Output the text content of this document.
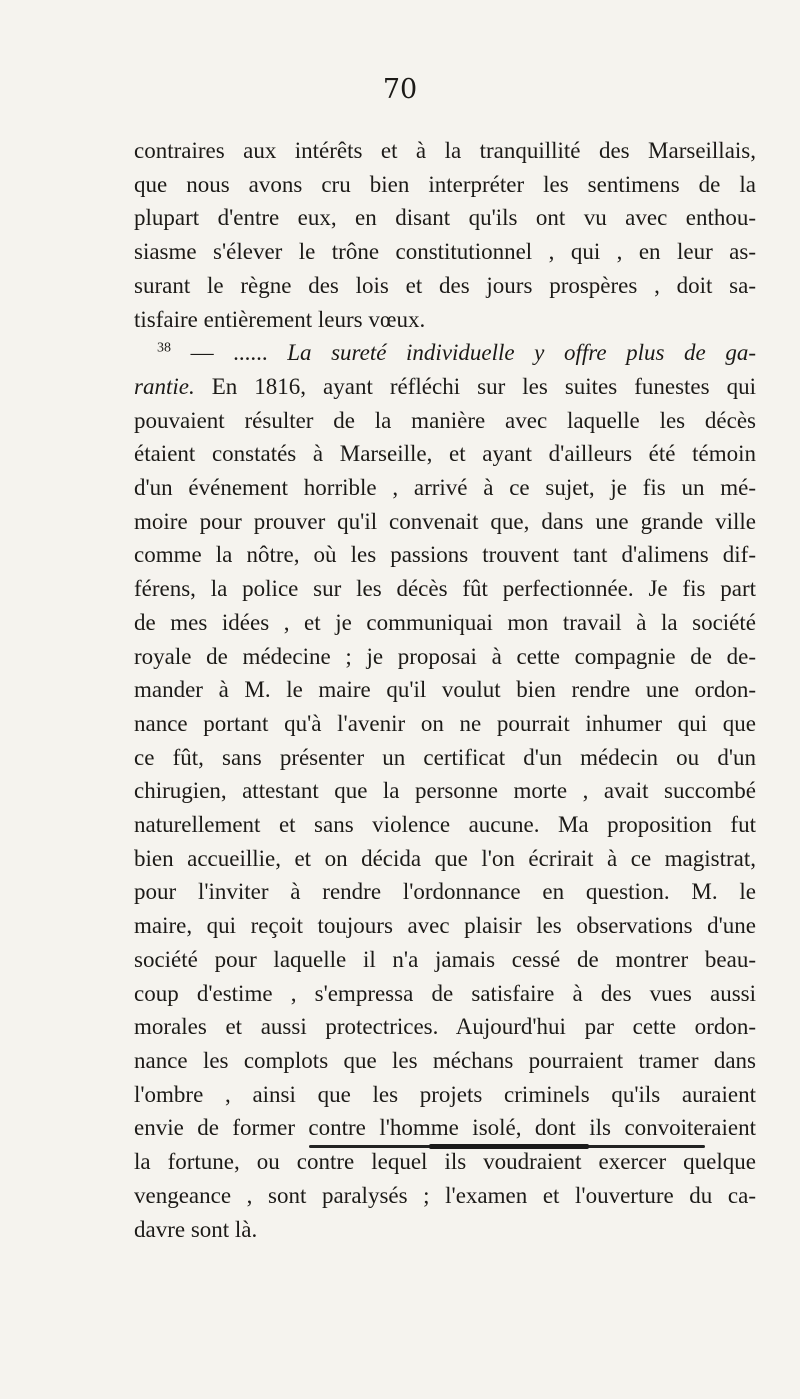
70
contraires aux intérêts et à la tranquillité des Marseillais,
que nous avons cru bien interpréter les sentimens de la
plupart d'entre eux, en disant qu'ils ont vu avec enthou-
siasme s'élever le trône constitutionnel , qui , en leur as-
surant le règne des lois et des jours prospères , doit sa-
tisfaire entièrement leurs vœux.
 $^{38}$ — ...... La sureté individuelle y offre plus de ga-
rantie. En 1816, ayant réfléchi sur les suites funestes qui
pouvaient résulter de la manière avec laquelle les décès
étaient constatés à Marseille, et ayant d'ailleurs été témoin
d'un événement horrible , arrivé à ce sujet, je fis un mé-
moire pour prouver qu'il convenait que, dans une grande ville
comme la nôtre, où les passions trouvent tant d'alimens dif-
férens, la police sur les décès fût perfectionnée. Je fis part
de mes idées , et je communiquai mon travail à la société
royale de médecine ; je proposai à cette compagnie de de-
mander à M. le maire qu'il voulut bien rendre une ordon-
nance portant qu'à l'avenir on ne pourrait inhumer qui que
ce fût, sans présenter un certificat d'un médecin ou d'un
chirugien, attestant que la personne morte , avait succombé
naturellement et sans violence aucune. Ma proposition fut
bien accueillie, et on décida que l'on écrirait à ce magistrat,
pour l'inviter à rendre l'ordonnance en question. M. le
maire, qui reçoit toujours avec plaisir les observations d'une
société pour laquelle il n'a jamais cessé de montrer beau-
coup d'estime , s'empressa de satisfaire à des vues aussi
morales et aussi protectrices. Aujourd'hui par cette ordon-
nance les complots que les méchans pourraient tramer dans
l'ombre , ainsi que les projets criminels qu'ils auraient
envie de former contre l'homme isolé, dont ils convoiteraient
la fortune, ou contre lequel ils voudraient exercer quelque
vengeance , sont paralysés ; l'examen et l'ouverture du ca-
davre sont là.
